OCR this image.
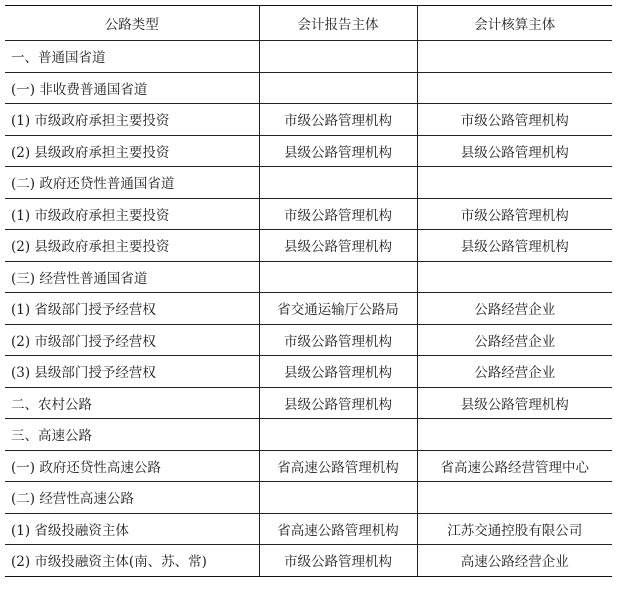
公路类型	会计报告主体	会计核算主体
一、普通国省道		
(一) 非收费普通国省道		
(1) 市级政府承担主要投资	市级公路管理机构	市级公路管理机构
(2) 县级政府承担主要投资	县级公路管理机构	县级公路管理机构
(二) 政府还贷性普通国省道		
(1) 市级政府承担主要投资	市级公路管理机构	市级公路管理机构
(2) 县级政府承担主要投资	县级公路管理机构	县级公路管理机构
(三) 经营性普通国省道		
(1) 省级部门授予经营权	省交通运输厅公路局	公路经营企业
(2) 市级部门授予经营权	市级公路管理机构	公路经营企业
(3) 县级部门授予经营权	县级公路管理机构	公路经营企业
二、农村公路	县级公路管理机构	县级公路管理机构
三、高速公路		
(一) 政府还贷性高速公路	省高速公路管理机构	省高速公路经营管理中心
(二) 经营性高速公路		
(1) 省级投融资主体	省高速公路管理机构	江苏交通控股有限公司
(2) 市级投融资主体(南、苏、常)	市级公路管理机构	高速公路经营企业
